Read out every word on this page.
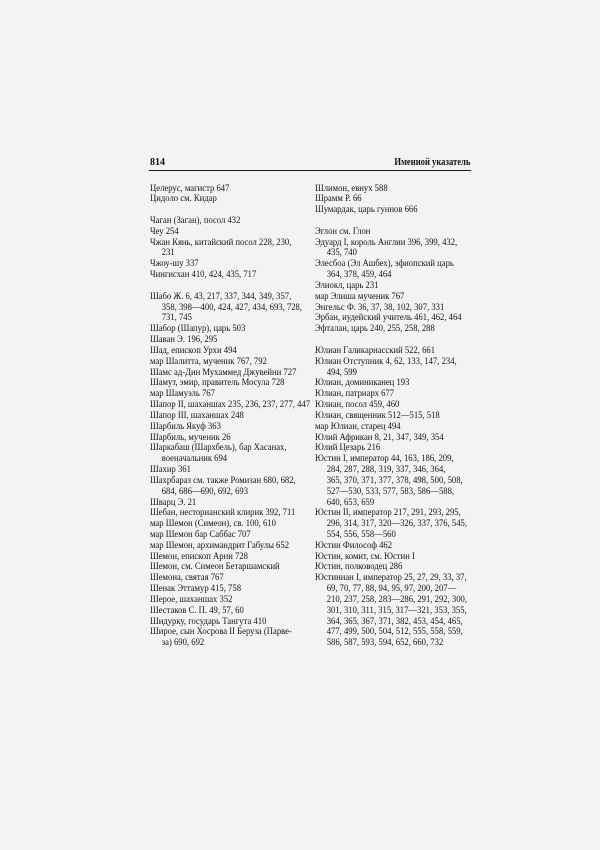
814	Именной указатель
Целерус, магистр 647
Цидоло см. Кидар
Чаган (Заган), посол 432
Чеу 254
Чжан Кянь, китайский посол 228, 230,
231
Чжоу-шу 337
Чингисхан 410, 424, 435, 717
Шабо Ж. 6, 43, 217, 337, 344, 349, 357,
358, 398—400, 424, 427, 434, 693, 728,
731, 745
Шабор (Шапур), царь 503
Шаван Э. 196, 295
Шад, епископ Урхи 494
мар Шалитта, мученик 767, 792
Шамс ад-Дин Мухаммед Джувейни 727
Шамут, эмир, правитель Мосула 728
мар Шамуэль 767
Шапор II, шаханшах 235, 236, 237, 277, 447
Шапор III, шаханшах 248
Шарбиль Якуф 363
Шарбиль, мученик 26
Шаркабаш (Шархбель), бар Хасанах,
военачальник 694
Шахир 361
Шахрбараз см. также Ромизан 680, 682,
684, 686—690, 692, 693
Шварц Э. 21
Шебан, несторианский клирик 392, 711
мар Шемон (Симеон), св. 100, 610
мар Шемон бар Саббас 707
мар Шемон, архимандрит Габулы 652
Шемон, епископ Арни 728
Шемон, см. Симеон Бетаршамский
Шемона, святая 767
Шенак Эттамур 415, 758
Шерое, шаханшах 352
Шестаков С. П. 49, 57, 60
Шидурку, государь Тангута 410
Широе, сын Хосрова II Беруза (Парве-
за) 690, 692
Шлимон, евнух 588
Шрамм Р. 66
Шумардак, царь гуннов 666
Эглон см. Глон
Эдуард I, король Англии 396, 399, 432,
435, 740
Элесбоа (Эл Ашбех), эфиопский царь
364, 378, 459, 464
Элиокл, царь 231
мар Элиша мученик 767
Энгельс Ф. 36, 37, 38, 102, 307, 331
Эрбан, иудейский учитель 461, 462, 464
Эфталан, царь 240, 255, 258, 288
Юлиан Галикарнасский 522, 661
Юлиан Отступник 4, 62, 133, 147, 234,
494, 599
Юлиан, доминиканец 193
Юлиан, патриарх 677
Юлиан, посол 459, 460
Юлиан, священник 512—515, 518
мар Юлиан, старец 494
Юлий Африкан 8, 21, 347, 349, 354
Юлий Цезарь 216
Юстин I, император 44, 163, 186, 209,
284, 287, 288, 319, 337, 346, 364,
365, 370, 371, 377, 378, 498, 500, 508,
527—530, 533, 577, 583, 586—588,
640, 653, 659
Юстин II, император 217, 291, 293, 295,
296, 314, 317, 320—326, 337, 376, 545,
554, 556, 558—560
Юстин Философ 462
Юстин, комит, см. Юстин I
Юстин, полководец 286
Юстиниан I, император 25, 27, 29, 33, 37,
69, 70, 77, 88, 94, 95, 97, 200, 207—
210, 237, 258, 283—286, 291, 292, 300,
301, 310, 311, 315, 317—321, 353, 355,
364, 365, 367, 371, 382, 453, 454, 465,
477, 499, 500, 504, 512, 555, 558, 559,
586, 587, 593, 594, 652, 660, 732
